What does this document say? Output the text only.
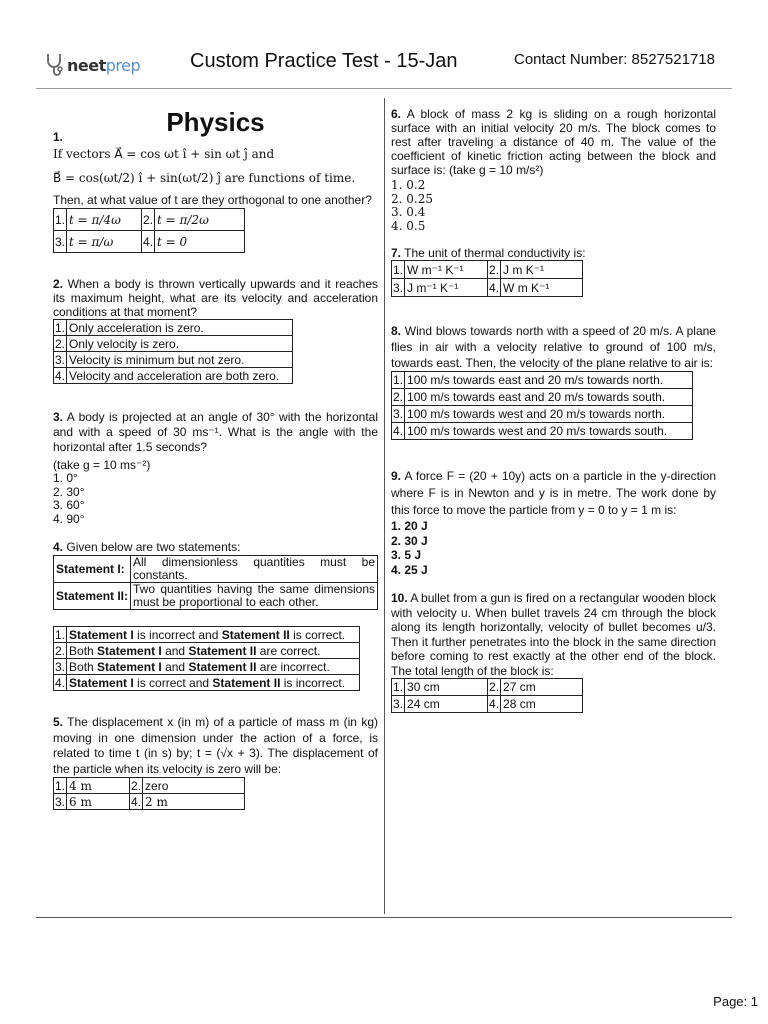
neetprep Custom Practice Test - 15-Jan	Contact Number: 8527521718
Page: 1
Physics
1.
If vectors A⃗ = cos ωt î + sin ωt ĵ and
B⃗ = cos(ωt/2) î + sin(ωt/2) ĵ are functions of time.
Then, at what value of t are they orthogonal to one another?
1.	t = π/4ω	2.	t = π/2ω
3.	t = π/ω	4.	t = 0
2. When a body is thrown vertically upwards and it reaches its maximum height, what are its velocity and acceleration conditions at that moment?
1.	Only acceleration is zero.
2.	Only velocity is zero.
3.	Velocity is minimum but not zero.
4.	Velocity and acceleration are both zero.
3. A body is projected at an angle of 30° with the horizontal and with a speed of 30 ms⁻¹. What is the angle with the horizontal after 1.5 seconds?
(take g = 10 ms⁻²)
1. 0°
2. 30°
3. 60°
4. 90°
4. Given below are two statements:
Statement I:	All dimensionless quantities must be constants.
Statement II:	Two quantities having the same dimensions must be proportional to each other.
1.	Statement I is incorrect and Statement II is correct.
2.	Both Statement I and Statement II are correct.
3.	Both Statement I and Statement II are incorrect.
4.	Statement I is correct and Statement II is incorrect.
5. The displacement x (in m) of a particle of mass m (in kg) moving in one dimension under the action of a force, is related to time t (in s) by; t = (√x + 3). The displacement of the particle when its velocity is zero will be:
1.	4 m	2.	zero
3.	6 m	4.	2 m
6. A block of mass 2 kg is sliding on a rough horizontal surface with an initial velocity 20 m/s. The block comes to rest after traveling a distance of 40 m. The value of the coefficient of kinetic friction acting between the block and surface is: (take g = 10 m/s²)
1. 0.2
2. 0.25
3. 0.4
4. 0.5
7. The unit of thermal conductivity is:
1.	W m⁻¹ K⁻¹	2.	J m K⁻¹
3.	J m⁻¹ K⁻¹	4.	W m K⁻¹
8. Wind blows towards north with a speed of 20 m/s. A plane flies in air with a velocity relative to ground of 100 m/s, towards east. Then, the velocity of the plane relative to air is:
1.	100 m/s towards east and 20 m/s towards north.
2.	100 m/s towards east and 20 m/s towards south.
3.	100 m/s towards west and 20 m/s towards north.
4.	100 m/s towards west and 20 m/s towards south.
9. A force F = (20 + 10y) acts on a particle in the y-direction where F is in Newton and y is in metre. The work done by this force to move the particle from y = 0 to y = 1 m is:
1. 20 J
2. 30 J
3. 5 J
4. 25 J
10. A bullet from a gun is fired on a rectangular wooden block with velocity u. When bullet travels 24 cm through the block along its length horizontally, velocity of bullet becomes u/3. Then it further penetrates into the block in the same direction before coming to rest exactly at the other end of the block. The total length of the block is:
1.	30 cm	2.	27 cm
3.	24 cm	4.	28 cm
